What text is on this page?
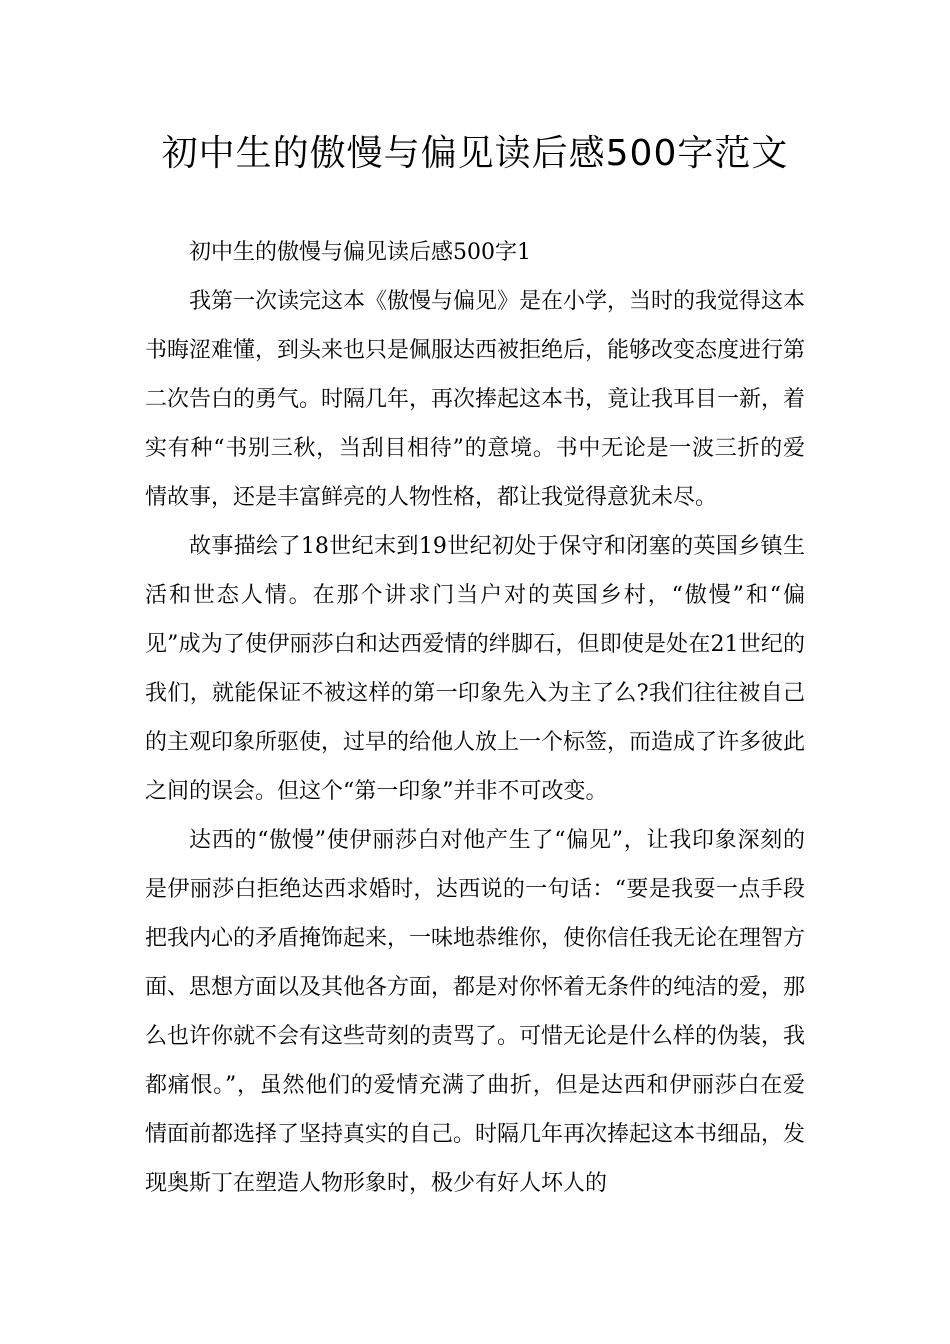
初中生的傲慢与偏见读后感500字范文

初中生的傲慢与偏见读后感500字1

我第一次读完这本《傲慢与偏见》是在小学，当时的我觉得这本书晦涩难懂，到头来也只是佩服达西被拒绝后，能够改变态度进行第二次告白的勇气。时隔几年，再次捧起这本书，竟让我耳目一新，着实有种“书别三秋，当刮目相待”的意境。书中无论是一波三折的爱情故事，还是丰富鲜亮的人物性格，都让我觉得意犹未尽。

故事描绘了18世纪末到19世纪初处于保守和闭塞的英国乡镇生活和世态人情。在那个讲求门当户对的英国乡村，“傲慢”和“偏见”成为了使伊丽莎白和达西爱情的绊脚石，但即使是处在21世纪的我们，就能保证不被这样的第一印象先入为主了么?我们往往被自己的主观印象所驱使，过早的给他人放上一个标签，而造成了许多彼此之间的误会。但这个“第一印象”并非不可改变。

达西的“傲慢”使伊丽莎白对他产生了“偏见”，让我印象深刻的是伊丽莎白拒绝达西求婚时，达西说的一句话：“要是我耍一点手段把我内心的矛盾掩饰起来，一味地恭维你，使你信任我无论在理智方面、思想方面以及其他各方面，都是对你怀着无条件的纯洁的爱，那么也许你就不会有这些苛刻的责骂了。可惜无论是什么样的伪装，我都痛恨。”，虽然他们的爱情充满了曲折，但是达西和伊丽莎白在爱情面前都选择了坚持真实的自己。时隔几年再次捧起这本书细品，发现奥斯丁在塑造人物形象时，极少有好人坏人的
